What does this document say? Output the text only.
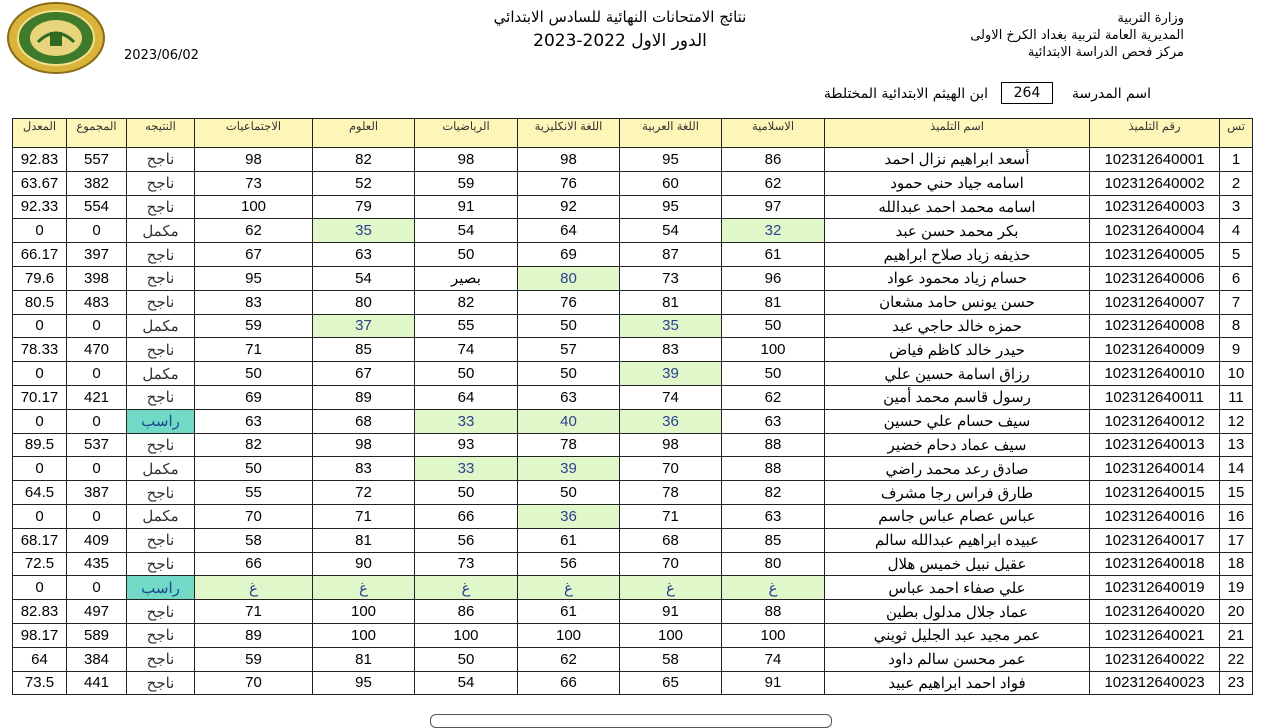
2023/06/02
نتائج الامتحانات النهائية للسادس الابتدائي
2023-2022 الدور الاول
وزارة التربية
المديرية العامة لتربية بغداد الكرخ الاولى
مركز فحص الدراسة الابتدائية
اسم المدرسة
264
ابن الهيثم الابتدائية المختلطة
المعدل	المجموع	النتيجه	الاجتماعيات	العلوم	الرياضيات	اللغة الانكليزية	اللغة العربية	الاسلامية	اسم التلميذ	رقم التلميذ	تس
92.83	557	ناجح	98	82	98	98	95	86	أسعد ابراهيم نزال احمد	102312640001	1
63.67	382	ناجح	73	52	59	76	60	62	اسامه جياد حني حمود	102312640002	2
92.33	554	ناجح	100	79	91	92	95	97	اسامه محمد احمد عبدالله	102312640003	3
0	0	مكمل	62	35	54	64	54	32	بكر محمد حسن عبد	102312640004	4
66.17	397	ناجح	67	63	50	69	87	61	حذيفه زياد صلاح ابراهيم	102312640005	5
79.6	398	ناجح	95	54	بصير	80	73	96	حسام زياد محمود عواد	102312640006	6
80.5	483	ناجح	83	80	82	76	81	81	حسن يونس حامد مشعان	102312640007	7
0	0	مكمل	59	37	55	50	35	50	حمزه خالد حاجي عبد	102312640008	8
78.33	470	ناجح	71	85	74	57	83	100	حيدر خالد كاظم فياض	102312640009	9
0	0	مكمل	50	67	50	50	39	50	رزاق اسامة حسين علي	102312640010	10
70.17	421	ناجح	69	89	64	63	74	62	رسول قاسم محمد أمين	102312640011	11
0	0	راسب	63	68	33	40	36	63	سيف حسام علي حسين	102312640012	12
89.5	537	ناجح	82	98	93	78	98	88	سيف عماد دحام خضير	102312640013	13
0	0	مكمل	50	83	33	39	70	88	صادق رعد محمد راضي	102312640014	14
64.5	387	ناجح	55	72	50	50	78	82	طارق فراس رجا مشرف	102312640015	15
0	0	مكمل	70	71	66	36	71	63	عباس عصام عباس جاسم	102312640016	16
68.17	409	ناجح	58	81	56	61	68	85	عبيده ابراهيم عبدالله سالم	102312640017	17
72.5	435	ناجح	66	90	73	56	70	80	عقيل نبيل خميس هلال	102312640018	18
0	0	راسب	غ	غ	غ	غ	غ	غ	علي صفاء احمد عباس	102312640019	19
82.83	497	ناجح	71	100	86	61	91	88	عماد جلال مدلول بطين	102312640020	20
98.17	589	ناجح	89	100	100	100	100	100	عمر مجيد عبد الجليل ثويني	102312640021	21
64	384	ناجح	59	81	50	62	58	74	عمر محسن سالم داود	102312640022	22
73.5	441	ناجح	70	95	54	66	65	91	فواد احمد ابراهيم عبيد	102312640023	23
